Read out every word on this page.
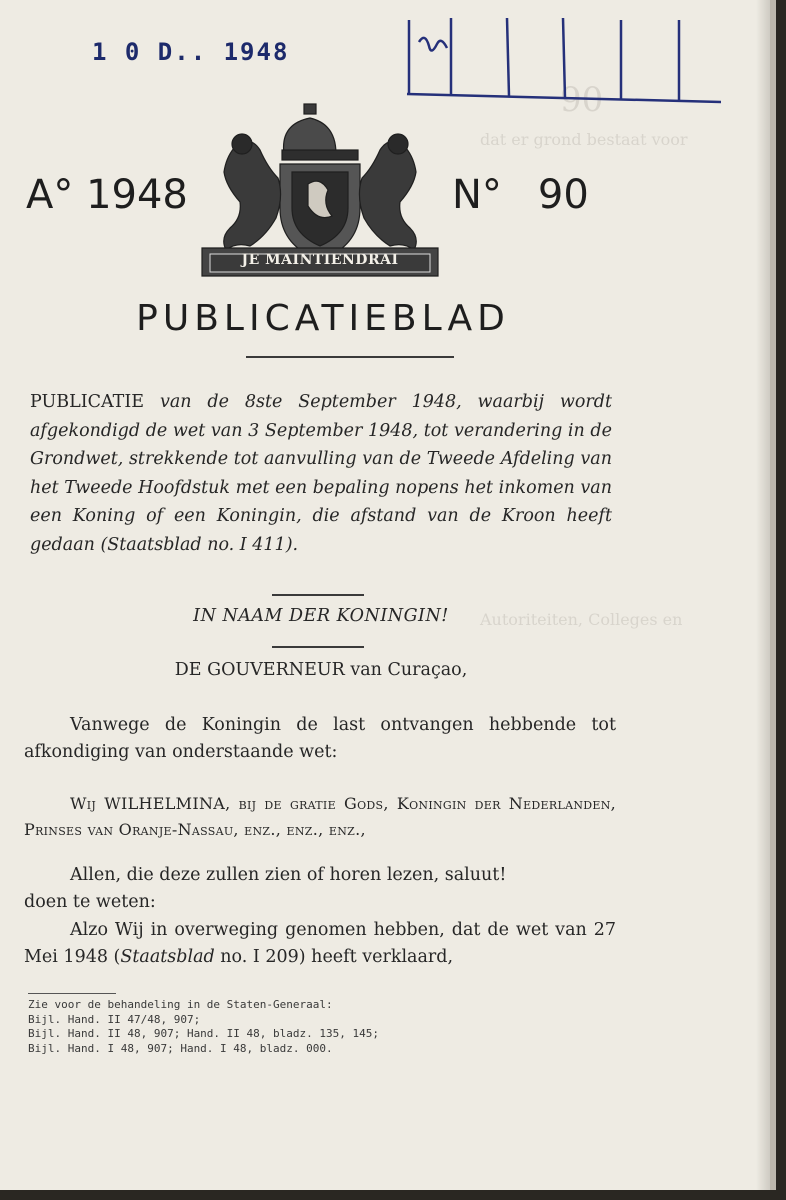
90
dat er grond bestaat voor
Autoriteiten, Colleges en
1 0 D.. 1948
A° 1948
JE MAINTIENDRAI
N° 90
PUBLICATIEBLAD
PUBLICATIE van de 8ste September 1948, waarbij wordt afgekondigd de wet van 3 September 1948, tot verandering in de Grondwet, strekkende tot aanvulling van de Tweede Afdeling van het Tweede Hoofdstuk met een bepaling nopens het inkomen van een Koning of een Koningin, die afstand van de Kroon heeft gedaan (Staatsblad no. I 411).
IN NAAM DER KONINGIN!
DE GOUVERNEUR van Curaçao,
Vanwege de Koningin de last ontvangen hebbende tot afkondiging van onderstaande wet:
Wij WILHELMINA, bij de gratie Gods, Koningin der Nederlanden, Prinses van Oranje-Nassau, enz., enz., enz.,
Allen, die deze zullen zien of horen lezen, saluut!
doen te weten:
Alzo Wij in overweging genomen hebben, dat de wet van 27 Mei 1948 (Staatsblad no. I 209) heeft verklaard,
Zie voor de behandeling in de Staten-Generaal:
Bijl. Hand. II 47/48, 907;
Bijl. Hand. II 48, 907; Hand. II 48, bladz. 135, 145;
Bijl. Hand. I 48, 907; Hand. I 48, bladz. 000.
